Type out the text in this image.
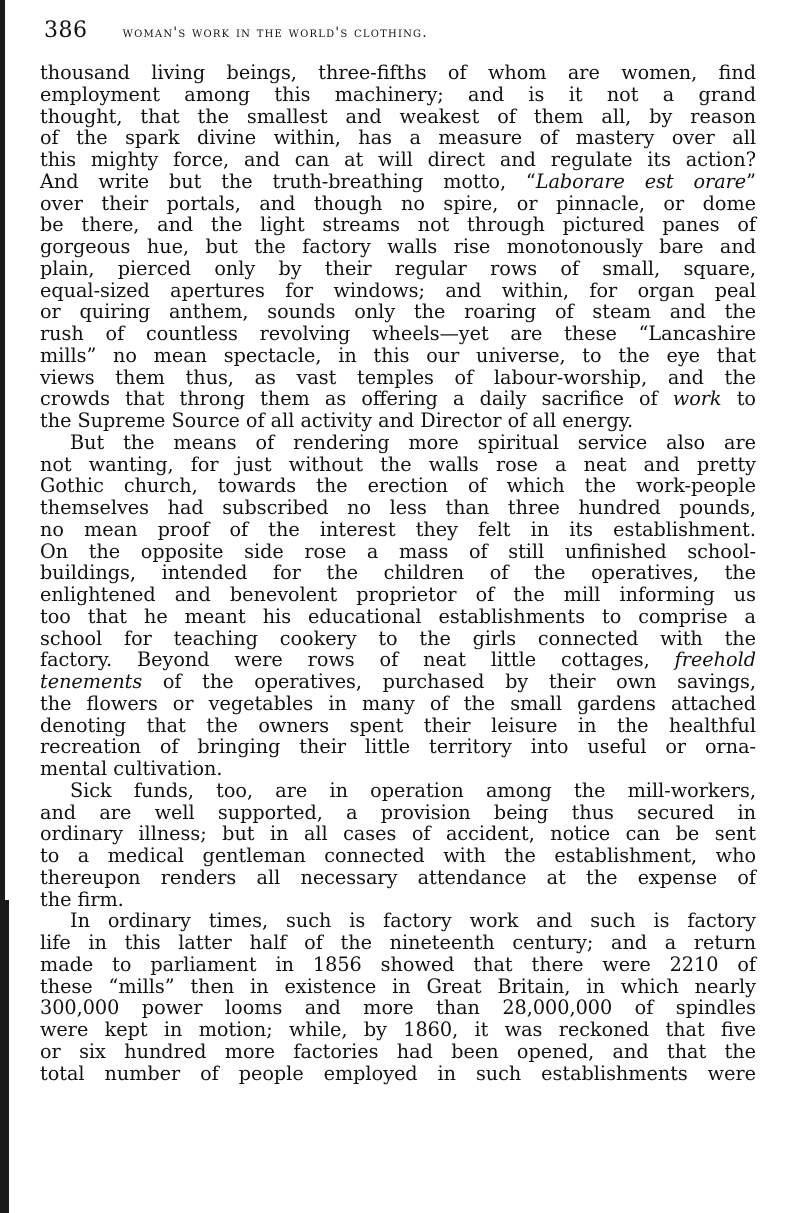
386	woman's work in the world's clothing.
thousand living beings, three-fifths of whom are women, find
employment among this machinery; and is it not a grand
thought, that the smallest and weakest of them all, by reason
of the spark divine within, has a measure of mastery over all
this mighty force, and can at will direct and regulate its action?
And write but the truth-breathing motto, “Laborare est orare”
over their portals, and though no spire, or pinnacle, or dome
be there, and the light streams not through pictured panes of
gorgeous hue, but the factory walls rise monotonously bare and
plain, pierced only by their regular rows of small, square,
equal-sized apertures for windows; and within, for organ peal
or quiring anthem, sounds only the roaring of steam and the
rush of countless revolving wheels—yet are these “Lancashire
mills” no mean spectacle, in this our universe, to the eye that
views them thus, as vast temples of labour-worship, and the
crowds that throng them as offering a daily sacrifice of work to
the Supreme Source of all activity and Director of all energy.
But the means of rendering more spiritual service also are
not wanting, for just without the walls rose a neat and pretty
Gothic church, towards the erection of which the work-people
themselves had subscribed no less than three hundred pounds,
no mean proof of the interest they felt in its establishment.
On the opposite side rose a mass of still unfinished school-
buildings, intended for the children of the operatives, the
enlightened and benevolent proprietor of the mill informing us
too that he meant his educational establishments to comprise a
school for teaching cookery to the girls connected with the
factory. Beyond were rows of neat little cottages, freehold
tenements of the operatives, purchased by their own savings,
the flowers or vegetables in many of the small gardens attached
denoting that the owners spent their leisure in the healthful
recreation of bringing their little territory into useful or orna-
mental cultivation.
Sick funds, too, are in operation among the mill-workers,
and are well supported, a provision being thus secured in
ordinary illness; but in all cases of accident, notice can be sent
to a medical gentleman connected with the establishment, who
thereupon renders all necessary attendance at the expense of
the firm.
In ordinary times, such is factory work and such is factory
life in this latter half of the nineteenth century; and a return
made to parliament in 1856 showed that there were 2210 of
these “mills” then in existence in Great Britain, in which nearly
300,000 power looms and more than 28,000,000 of spindles
were kept in motion; while, by 1860, it was reckoned that five
or six hundred more factories had been opened, and that the
total number of people employed in such establishments were
